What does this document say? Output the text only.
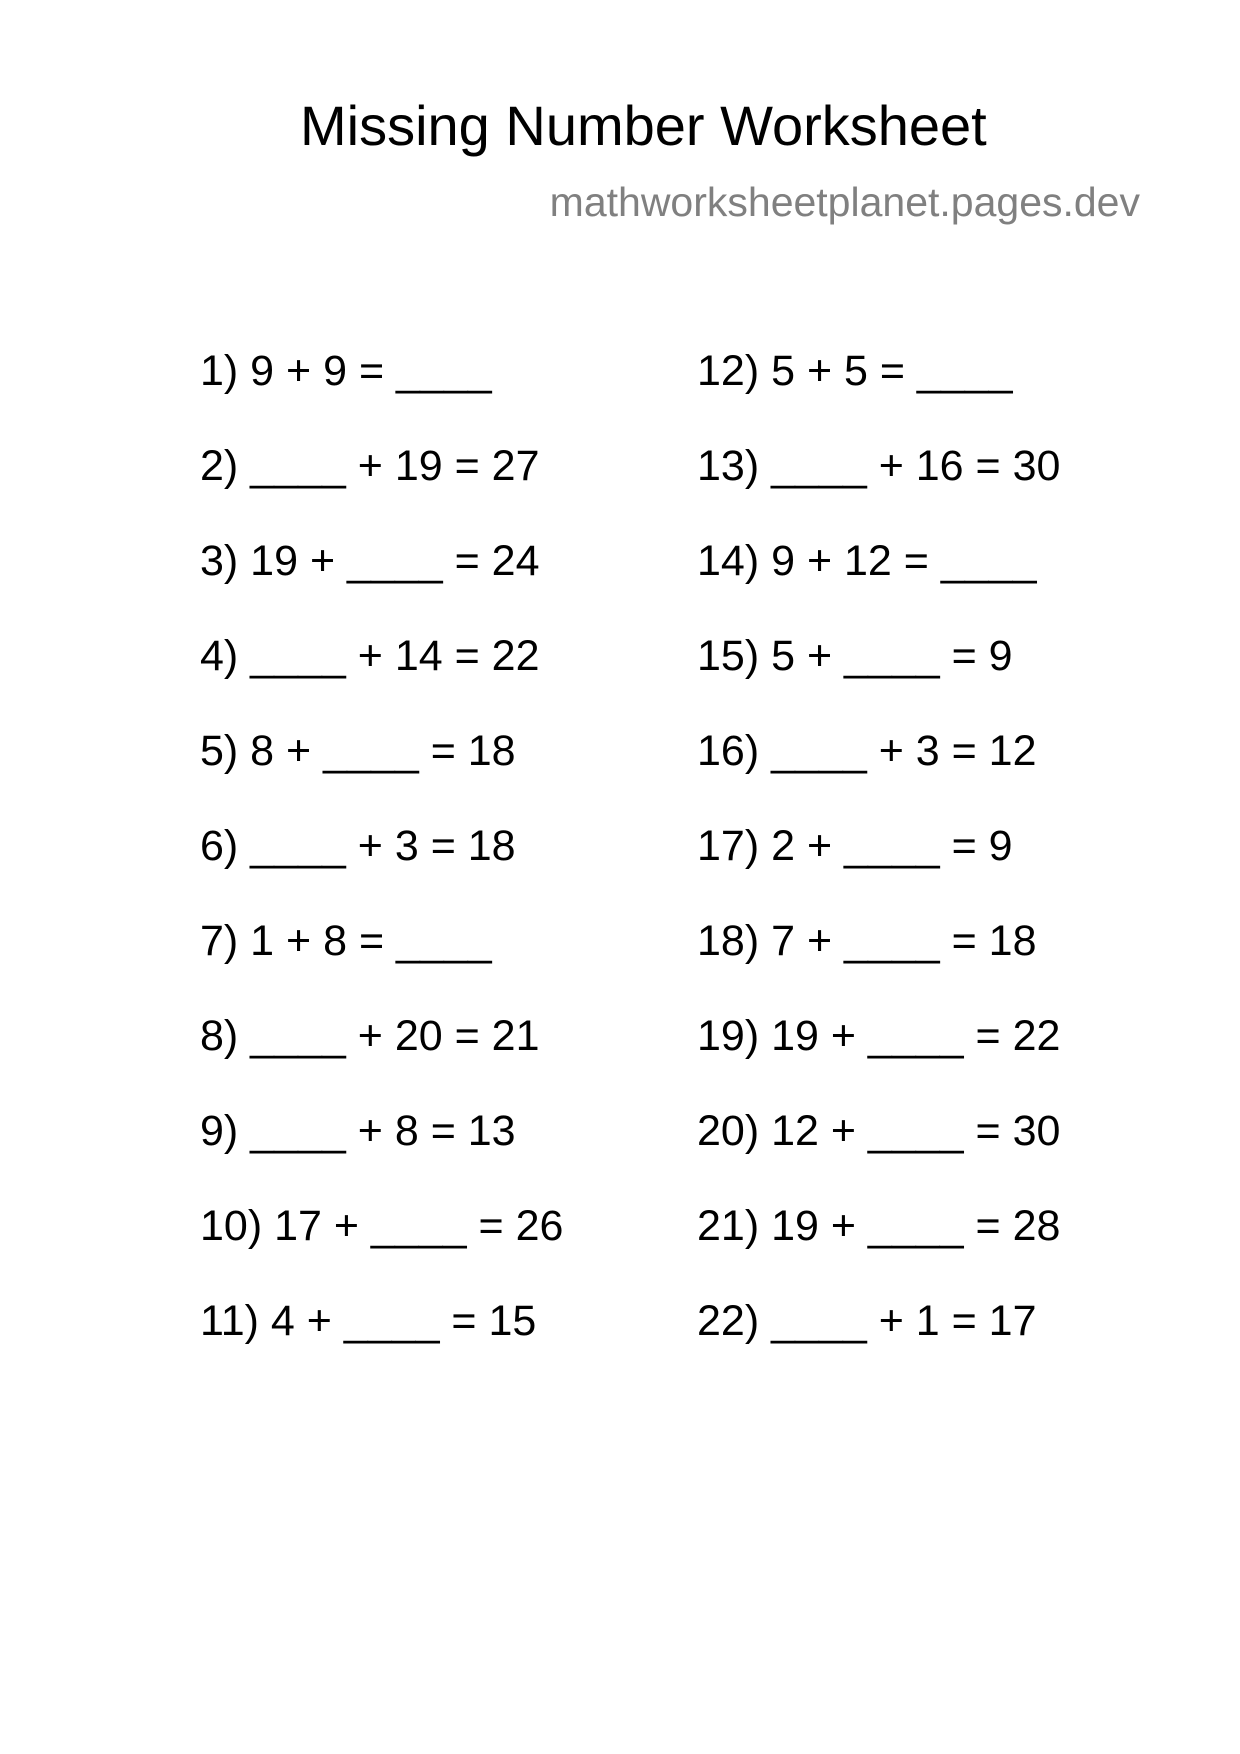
Missing Number Worksheet
mathworksheetplanet.pages.dev
1) 9 + 9 = ____
2) ____ + 19 = 27
3) 19 + ____ = 24
4) ____ + 14 = 22
5) 8 + ____ = 18
6) ____ + 3 = 18
7) 1 + 8 = ____
8) ____ + 20 = 21
9) ____ + 8 = 13
10) 17 + ____ = 26
11) 4 + ____ = 15
12) 5 + 5 = ____
13) ____ + 16 = 30
14) 9 + 12 = ____
15) 5 + ____ = 9
16) ____ + 3 = 12
17) 2 + ____ = 9
18) 7 + ____ = 18
19) 19 + ____ = 22
20) 12 + ____ = 30
21) 19 + ____ = 28
22) ____ + 1 = 17
